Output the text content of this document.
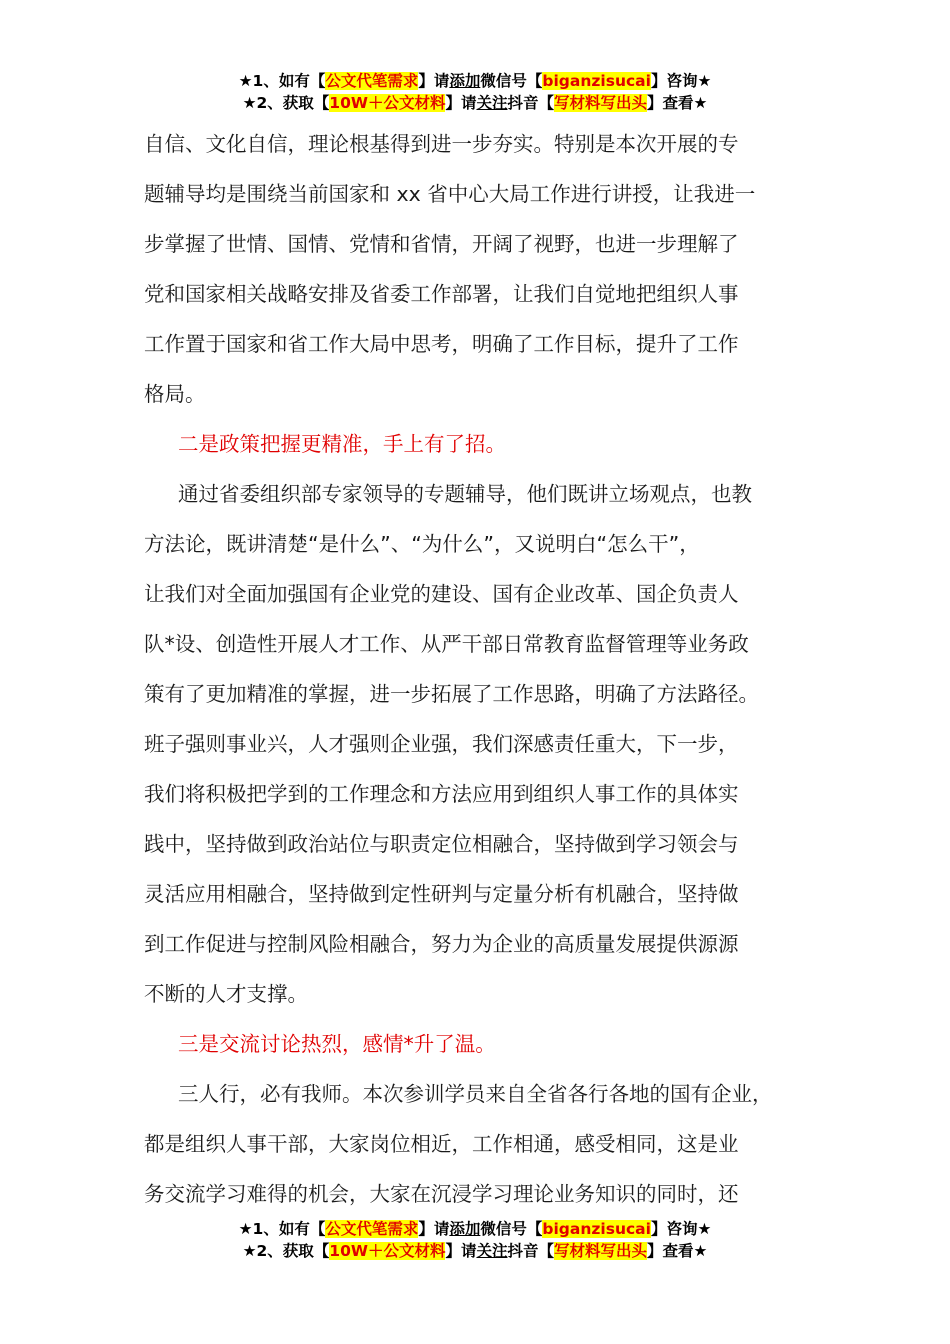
★1、如有【公文代笔需求】请添加微信号【biganzisucai】咨询★
★2、获取【10W＋公文材料】请关注抖音【写材料写出头】查看★
自信、文化自信，理论根基得到进一步夯实。特别是本次开展的专
题辅导均是围绕当前国家和 xx 省中心大局工作进行讲授，让我进一
步掌握了世情、国情、党情和省情，开阔了视野，也进一步理解了
党和国家相关战略安排及省委工作部署，让我们自觉地把组织人事
工作置于国家和省工作大局中思考，明确了工作目标，提升了工作
格局。
二是政策把握更精准，手上有了招。
通过省委组织部专家领导的专题辅导，他们既讲立场观点，也教
方法论，既讲清楚“是什么”、“为什么”，又说明白“怎么干”，
让我们对全面加强国有企业党的建设、国有企业改革、国企负责人
队*设、创造性开展人才工作、从严干部日常教育监督管理等业务政
策有了更加精准的掌握，进一步拓展了工作思路，明确了方法路径。
班子强则事业兴，人才强则企业强，我们深感责任重大，下一步，
我们将积极把学到的工作理念和方法应用到组织人事工作的具体实
践中，坚持做到政治站位与职责定位相融合，坚持做到学习领会与
灵活应用相融合，坚持做到定性研判与定量分析有机融合，坚持做
到工作促进与控制风险相融合，努力为企业的高质量发展提供源源
不断的人才支撑。
三是交流讨论热烈，感情*升了温。
三人行，必有我师。本次参训学员来自全省各行各地的国有企业，
都是组织人事干部，大家岗位相近，工作相通，感受相同，这是业
务交流学习难得的机会，大家在沉浸学习理论业务知识的同时，还
★1、如有【公文代笔需求】请添加微信号【biganzisucai】咨询★
★2、获取【10W＋公文材料】请关注抖音【写材料写出头】查看★
